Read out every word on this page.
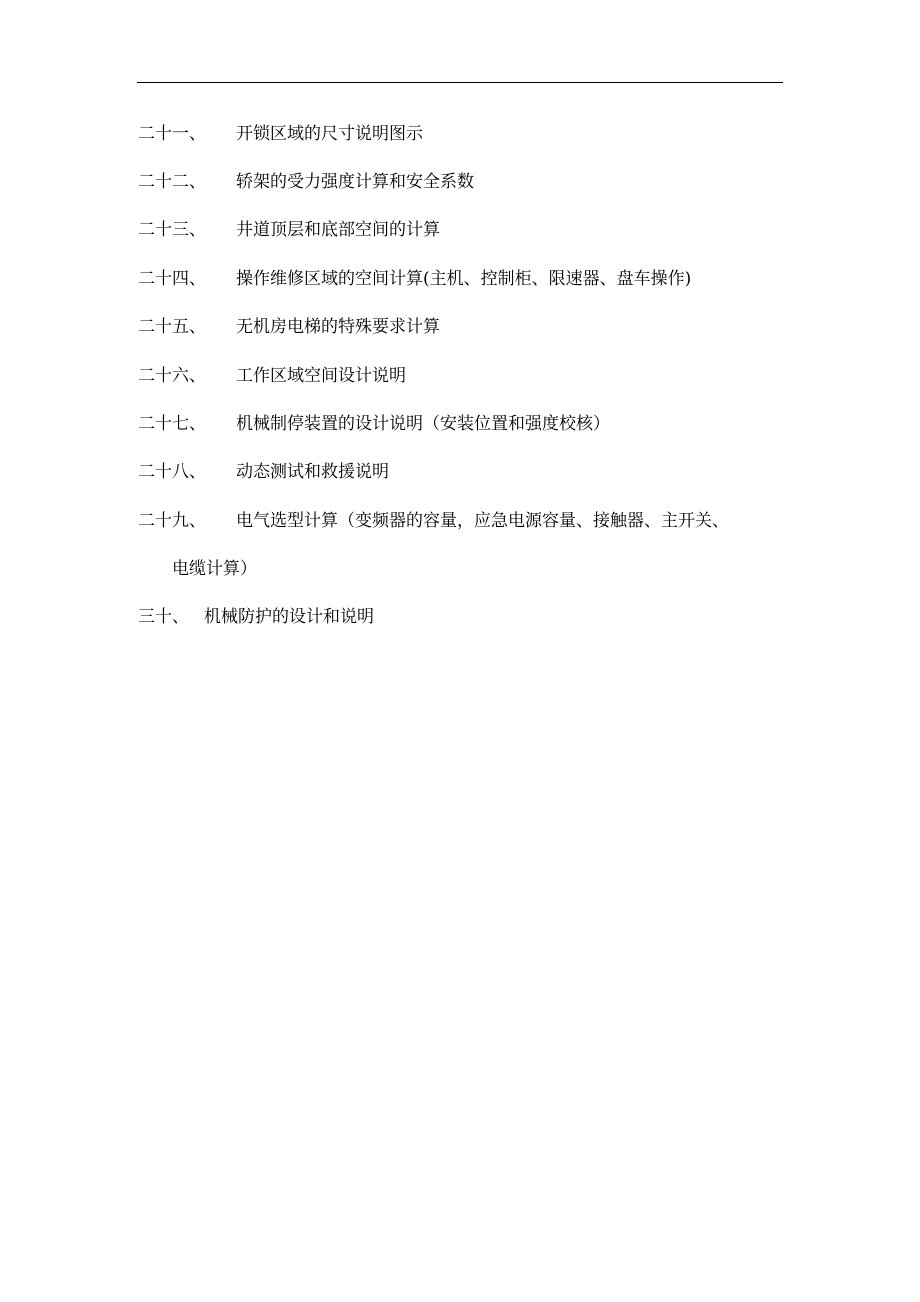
二十一、 开锁区域的尺寸说明图示
二十二、 轿架的受力强度计算和安全系数
二十三、 井道顶层和底部空间的计算
二十四、 操作维修区域的空间计算(主机、控制柜、限速器、盘车操作)
二十五、 无机房电梯的特殊要求计算
二十六、 工作区域空间设计说明
二十七、 机械制停装置的设计说明（安装位置和强度校核）
二十八、 动态测试和救援说明
二十九、 电气选型计算（变频器的容量，应急电源容量、接触器、主开关、
电缆计算）
三十、 机械防护的设计和说明
